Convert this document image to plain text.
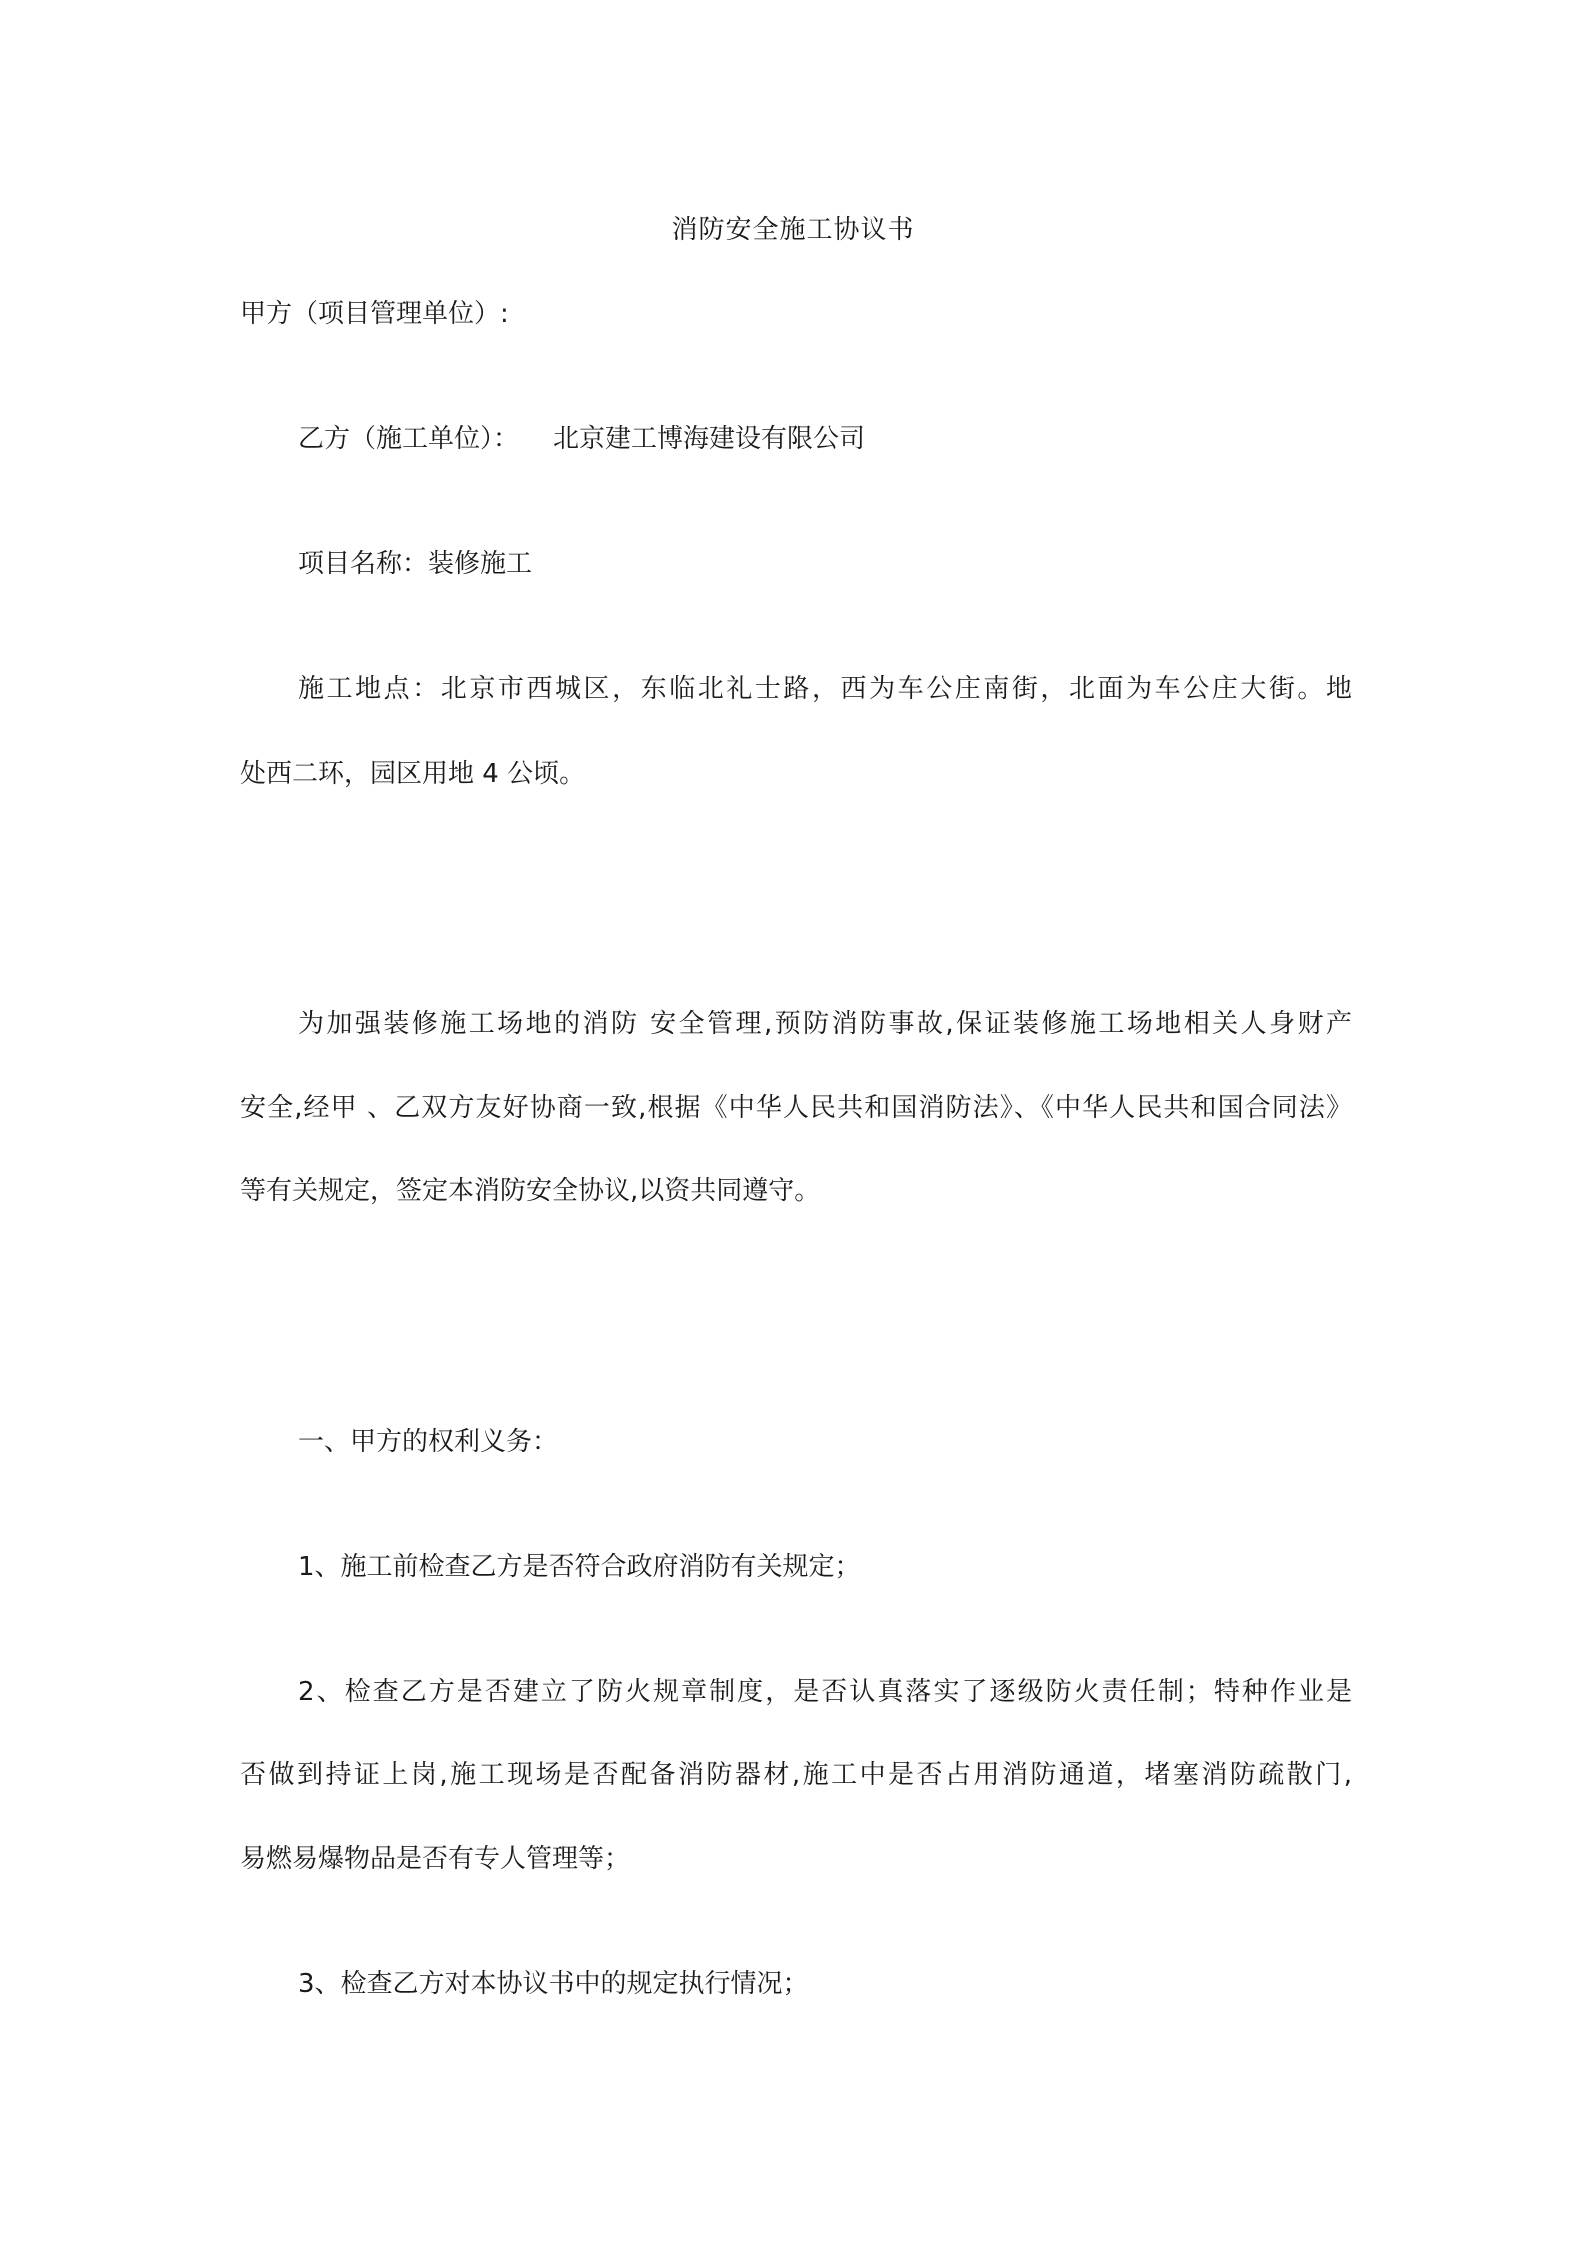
消防安全施工协议书
甲方（项目管理单位）:
乙方（施工单位）： 北京建工博海建设有限公司
项目名称：装修施工
施工地点：北京市西城区，东临北礼士路，西为车公庄南街，北面为车公庄大街。地
处西二环，园区用地 4 公顷。
为加强装修施工场地的消防 安全管理,预防消防事故,保证装修施工场地相关人身财产
安全,经甲 、乙双方友好协商一致,根据《中华人民共和国消防法》、《中华人民共和国合同法》
等有关规定，签定本消防安全协议,以资共同遵守。
一、甲方的权利义务：
1、施工前检查乙方是否符合政府消防有关规定；
2、检查乙方是否建立了防火规章制度，是否认真落实了逐级防火责任制；特种作业是
否做到持证上岗,施工现场是否配备消防器材,施工中是否占用消防通道，堵塞消防疏散门,
易燃易爆物品是否有专人管理等；
3、检查乙方对本协议书中的规定执行情况；
